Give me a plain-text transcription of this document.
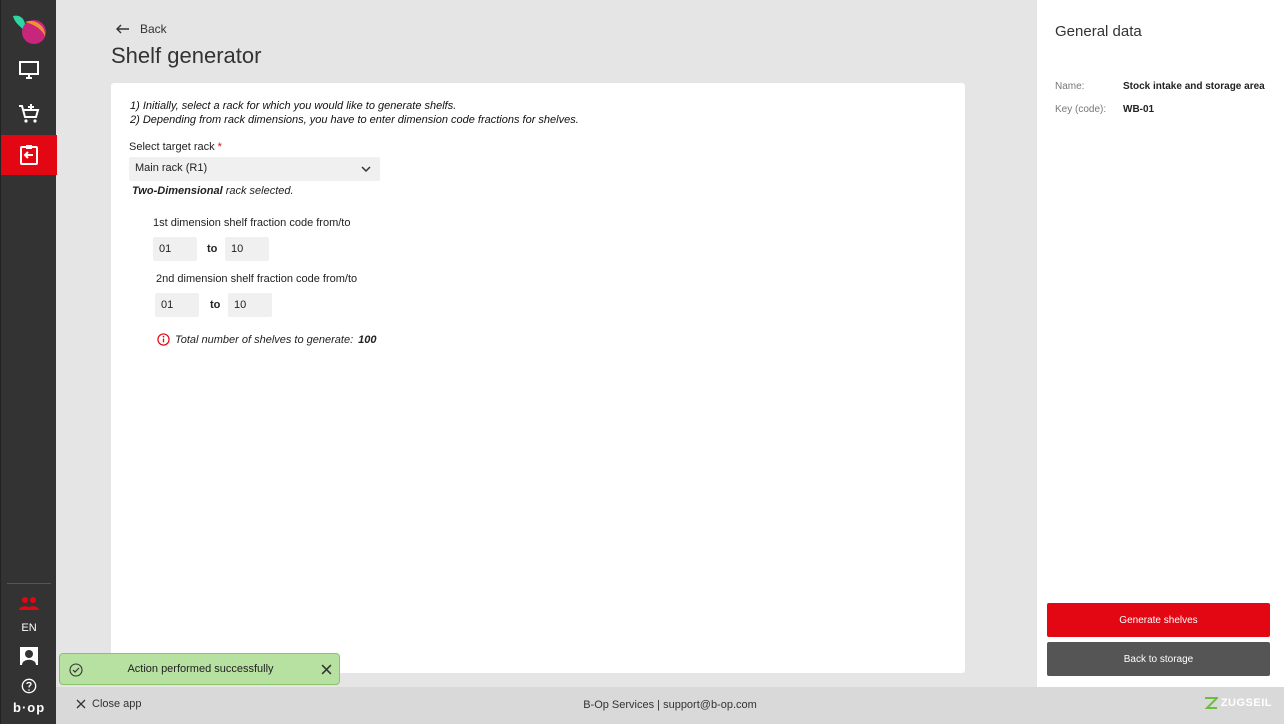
EN
b·op
Back
Shelf generator
1) Initially, select a rack for which you would like to generate shelfs.
2) Depending from rack dimensions, you have to enter dimension code fractions for shelves.
Select target rack *
Main rack (R1)
Two-Dimensional rack selected.
1st dimension shelf fraction code from/to
01	to	10
2nd dimension shelf fraction code from/to
01	to	10
Total number of shelves to generate: 100
General data
Name:	Stock intake and storage area
Key (code): WB-01
Generate shelves
Back to storage
B-Op Services | support@b-op.com
Close app	ZUGSEIL
Action performed successfully
